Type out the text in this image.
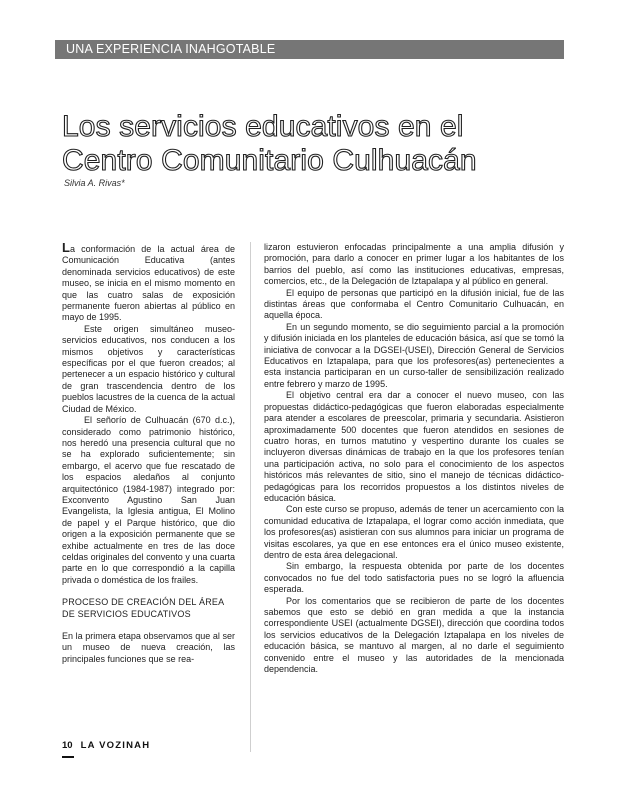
UNA EXPERIENCIA INAHGOTABLE
Los servicios educativos en el Centro Comunitario Culhuacán
Silvia A. Rivas*

La conformación de la actual área de Comunicación Educativa (antes denominada servicios educativos) de este museo, se inicia en el mismo momento en que las cuatro salas de exposición permanente fueron abiertas al público en mayo de 1995.

Este origen simultáneo museo-servicios educativos, nos conducen a los mismos objetivos y características específicas por el que fueron creados; al pertenecer a un espacio histórico y cultural de gran trascendencia dentro de los pueblos lacustres de la cuenca de la actual Ciudad de México.

El señorío de Culhuacán (670 d.c.), considerado como patrimonio histórico, nos heredó una presencia cultural que no se ha explorado suficientemente; sin embargo, el acervo que fue rescatado de los espacios aledaños al conjunto arquitectónico (1984-1987) integrado por: Exconvento Agustino San Juan Evangelista, la Iglesia antigua, El Molino de papel y el Parque histórico, que dio origen a la exposición permanente que se exhibe actualmente en tres de las doce celdas originales del convento y una cuarta parte en lo que correspondió a la capilla privada o doméstica de los frailes.

PROCESO DE CREACIÓN DEL ÁREA DE SERVICIOS EDUCATIVOS

En la primera etapa observamos que al ser un museo de nueva creación, las principales funciones que se rea-

lizaron estuvieron enfocadas principalmente a una amplia difusión y promoción, para darlo a conocer en primer lugar a los habitantes de los barrios del pueblo, así como las instituciones educativas, empresas, comercios, etc., de la Delegación de Iztapalapa y al público en general.

El equipo de personas que participó en la difusión inicial, fue de las distintas áreas que conformaba el Centro Comunitario Culhuacán, en aquella época.

En un segundo momento, se dio seguimiento parcial a la promoción y difusión iniciada en los planteles de educación básica, así que se tomó la iniciativa de convocar a la DGSEI-(USEI), Dirección General de Servicios Educativos en Iztapalapa, para que los profesores(as) pertenecientes a esta instancia participaran en un curso-taller de sensibilización realizado entre febrero y marzo de 1995.

El objetivo central era dar a conocer el nuevo museo, con las propuestas didáctico-pedagógicas que fueron elaboradas especialmente para atender a escolares de preescolar, primaria y secundaria. Asistieron aproximadamente 500 docentes que fueron atendidos en sesiones de cuatro horas, en turnos matutino y vespertino durante los cuales se incluyeron diversas dinámicas de trabajo en la que los profesores tenían una participación activa, no solo para el conocimiento de los aspectos históricos más relevantes de sitio, sino el manejo de técnicas didáctico-pedagógicas para los recorridos propuestos a los distintos niveles de educación básica.

Con este curso se propuso, además de tener un acercamiento con la comunidad educativa de Iztapalapa, el lograr como acción inmediata, que los profesores(as) asistieran con sus alumnos para iniciar un programa de visitas escolares, ya que en ese entonces era el único museo existente, dentro de esta área delegacional.

Sin embargo, la respuesta obtenida por parte de los docentes convocados no fue del todo satisfactoria pues no se logró la afluencia esperada.

Por los comentarios que se recibieron de parte de los docentes sabemos que esto se debió en gran medida a que la instancia correspondiente USEI (actualmente DGSEI), dirección que coordina todos los servicios educativos de la Delegación Iztapalapa en los niveles de educación básica, se mantuvo al margen, al no darle el seguimiento convenido entre el museo y las autoridades de la mencionada dependencia.

10 LA VOZINAH
